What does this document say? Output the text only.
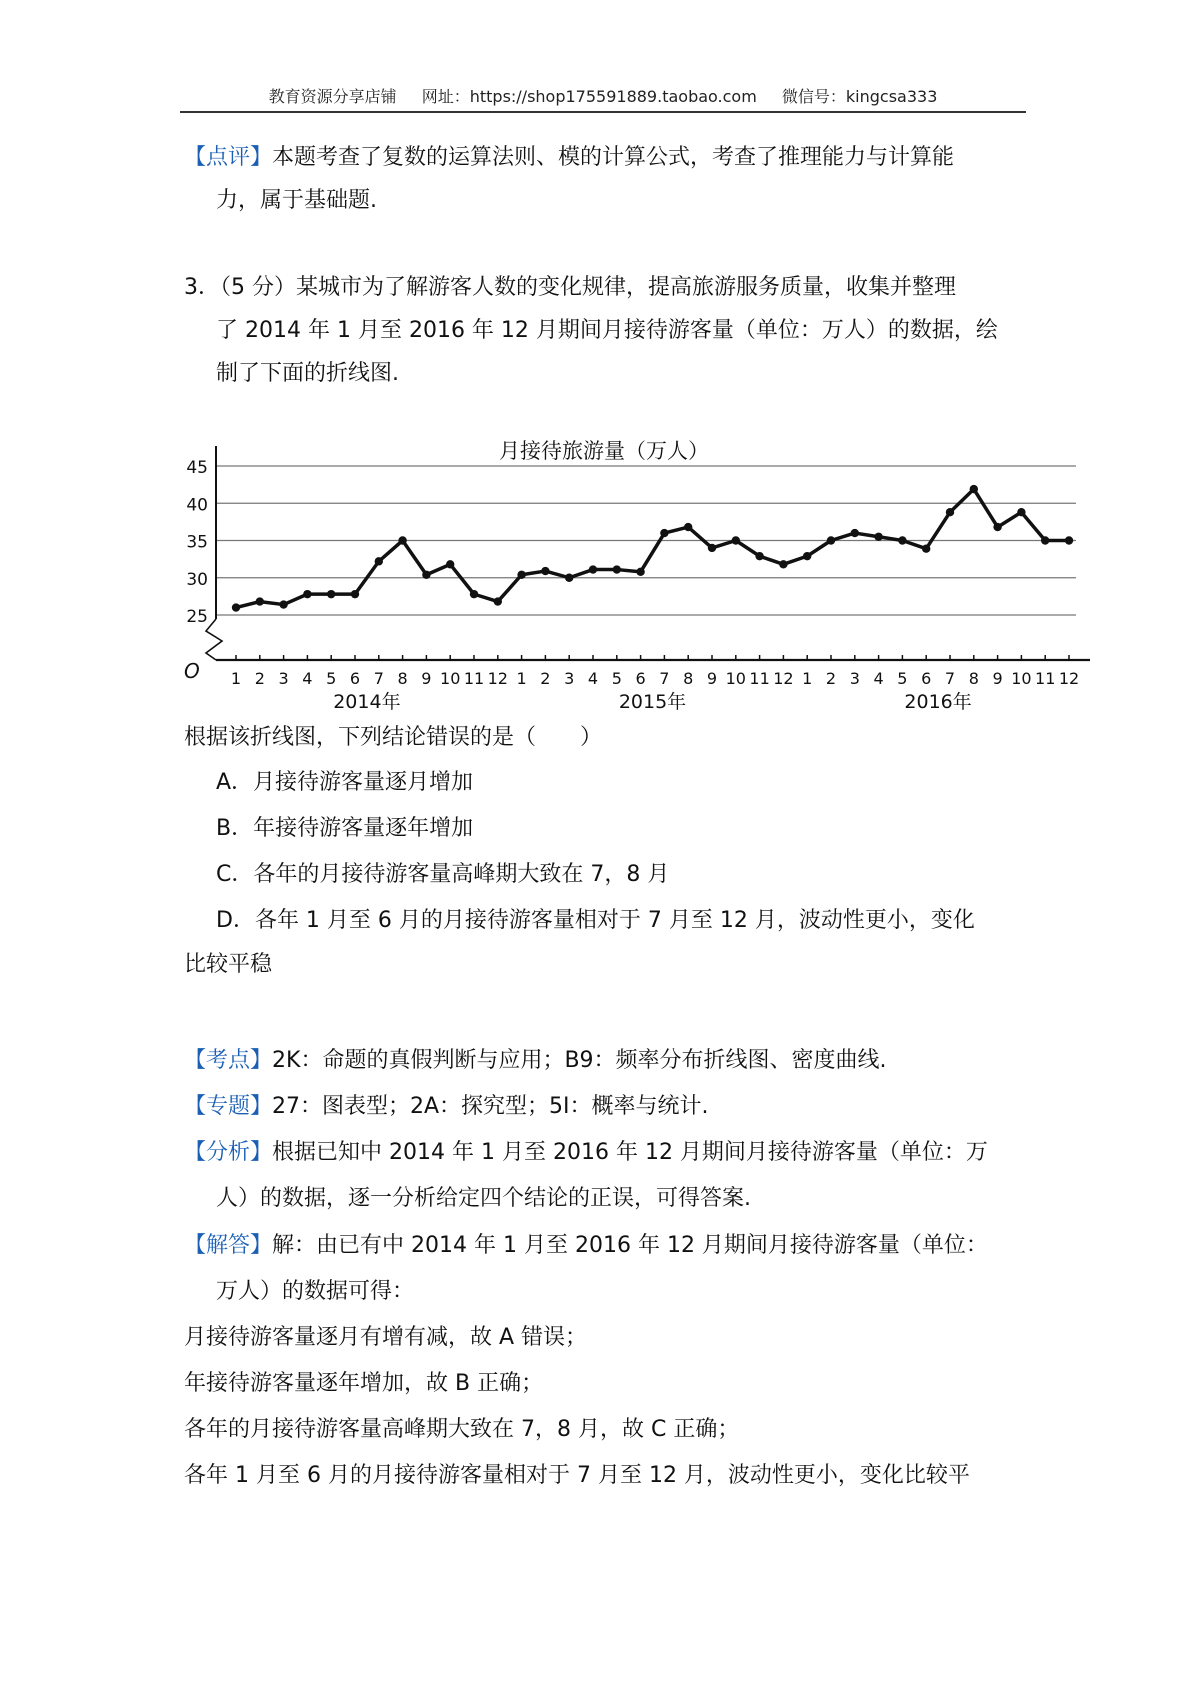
教育资源分享店铺 网址：https://shop175591889.taobao.com 微信号：kingcsa333
【点评】本题考查了复数的运算法则、模的计算公式，考查了推理能力与计算能
力，属于基础题.
3．（5 分）某城市为了解游客人数的变化规律，提高旅游服务质量，收集并整理
了 2014 年 1 月至 2016 年 12 月期间月接待游客量（单位：万人）的数据，绘
制了下面的折线图.
月接待旅游量（万人）
25
30
35
40
45
1 2 3 4 5 6 7 8 9 10 11 12 1 2 3 4 5 6 7 8 9 10 11 12 1 2 3 4 5 6 7 8 9 10 11 12
2014年	2015年	2016年
O
根据该折线图，下列结论错误的是（　　）
A．月接待游客量逐月增加
B．年接待游客量逐年增加
C．各年的月接待游客量高峰期大致在 7，8 月
D．各年 1 月至 6 月的月接待游客量相对于 7 月至 12 月，波动性更小，变化
比较平稳
【考点】2K：命题的真假判断与应用；B9：频率分布折线图、密度曲线.
【专题】27：图表型；2A：探究型；5I：概率与统计.
【分析】根据已知中 2014 年 1 月至 2016 年 12 月期间月接待游客量（单位：万
人）的数据，逐一分析给定四个结论的正误，可得答案.
【解答】解：由已有中 2014 年 1 月至 2016 年 12 月期间月接待游客量（单位：
万人）的数据可得：
月接待游客量逐月有增有减，故 A 错误；
年接待游客量逐年增加，故 B 正确；
各年的月接待游客量高峰期大致在 7，8 月，故 C 正确；
各年 1 月至 6 月的月接待游客量相对于 7 月至 12 月，波动性更小，变化比较平
